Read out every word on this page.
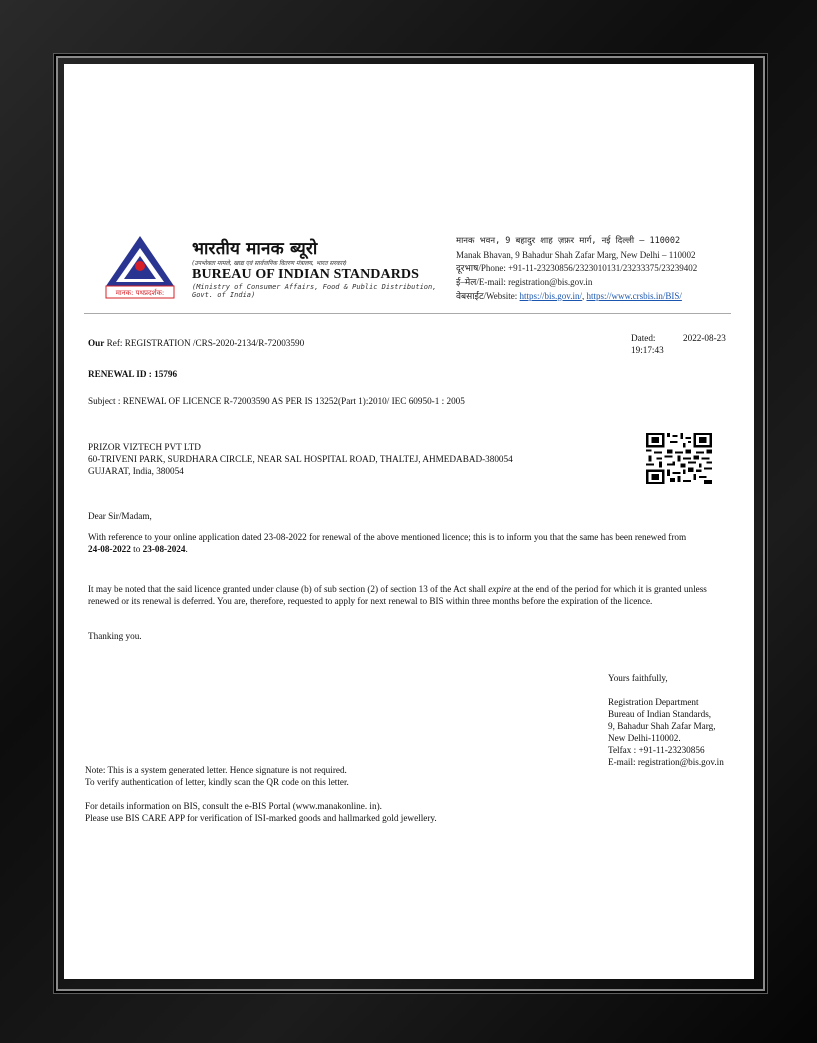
मानक: पथप्रदर्शक:
भारतीय मानक ब्यूरो
(उपभोक्ता मामले, खाद्य एवं सार्वजनिक वितरण मंत्रालय, भारत सरकार)
BUREAU OF INDIAN STANDARDS
(Ministry of Consumer Affairs, Food & Public Distribution, Govt. of India)
मानक भवन, 9 बहादुर शाह ज़फ़र मार्ग, नई दिल्ली – 110002
Manak Bhavan, 9 Bahadur Shah Zafar Marg, New Delhi – 110002
दूरभाष/Phone: +91-11-23230856/2323010131/23233375/23239402
ई–मेल/E-mail: registration@bis.gov.in
वेबसाईट/Website: https://bis.gov.in/, https://www.crsbis.in/BIS/
Our Ref: REGISTRATION /CRS-2020-2134/R-72003590	Dated:	2022-08-23
19:17:43
RENEWAL ID : 15796
Subject : RENEWAL OF LICENCE R-72003590 AS PER IS 13252(Part 1):2010/ IEC 60950-1 : 2005
PRIZOR VIZTECH PVT LTD
60-TRIVENI PARK, SURDHARA CIRCLE, NEAR SAL HOSPITAL ROAD, THALTEJ, AHMEDABAD-380054
GUJARAT, India, 380054
Dear Sir/Madam,
With reference to your online application dated 23-08-2022 for renewal of the above mentioned licence; this is to inform you that the same has been renewed from
24-08-2022 to 23-08-2024.
It may be noted that the said licence granted under clause (b) of sub section (2) of section 13 of the Act shall expire at the end of the period for which it is granted unless renewed or its renewal is deferred. You are, therefore, requested to apply for next renewal to BIS within three months before the expiration of the licence.
Thanking you.
Yours faithfully,
Registration Department
Bureau of Indian Standards,
9, Bahadur Shah Zafar Marg,
New Delhi-110002.
Telfax : +91-11-23230856
E-mail: registration@bis.gov.in
Note: This is a system generated letter. Hence signature is not required.
To verify authentication of letter, kindly scan the QR code on this letter.
For details information on BIS, consult the e-BIS Portal (www.manakonline. in).
Please use BIS CARE APP for verification of ISI-marked goods and hallmarked gold jewellery.
